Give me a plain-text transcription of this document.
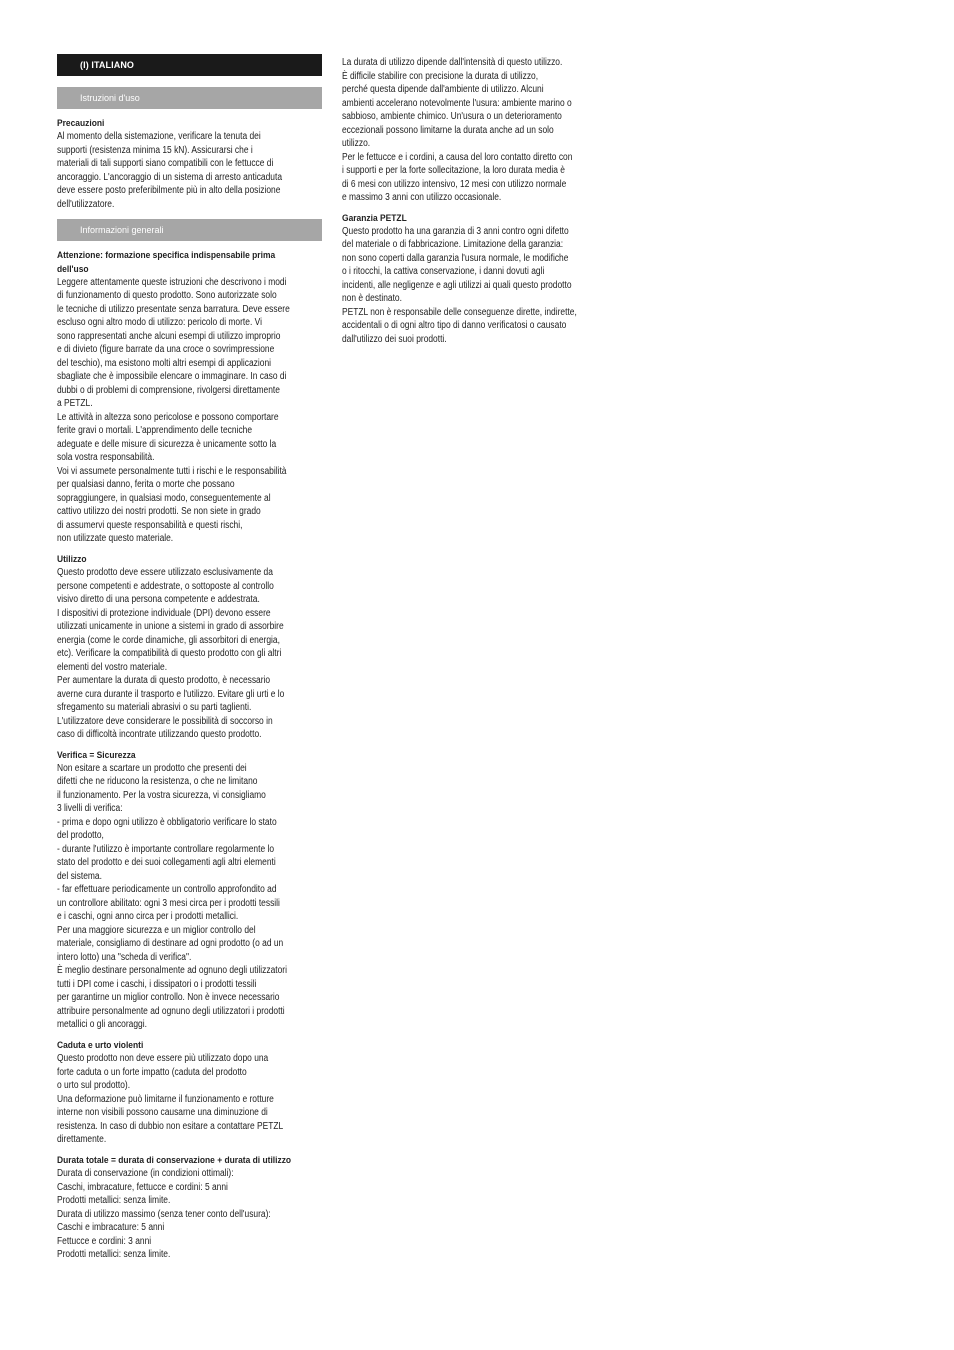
(I) ITALIANO
Istruzioni d'uso
Precauzioni
Al momento della sistemazione, verificare la tenuta dei
supporti (resistenza minima 15 kN). Assicurarsi che i
materiali di tali supporti siano compatibili con le fettucce di
ancoraggio. L'ancoraggio di un sistema di arresto anticaduta
deve essere posto preferibilmente più in alto della posizione
dell'utilizzatore.
Informazioni generali
Attenzione: formazione specifica indispensabile prima
dell'uso
Leggere attentamente queste istruzioni che descrivono i modi
di funzionamento di questo prodotto. Sono autorizzate solo
le tecniche di utilizzo presentate senza barratura. Deve essere
escluso ogni altro modo di utilizzo: pericolo di morte. Vi
sono rappresentati anche alcuni esempi di utilizzo improprio
e di divieto (figure barrate da una croce o sovrimpressione
del teschio), ma esistono molti altri esempi di applicazioni
sbagliate che è impossibile elencare o immaginare. In caso di
dubbi o di problemi di comprensione, rivolgersi direttamente
a PETZL.
Le attività in altezza sono pericolose e possono comportare
ferite gravi o mortali. L'apprendimento delle tecniche
adeguate e delle misure di sicurezza è unicamente sotto la
sola vostra responsabilità.
Voi vi assumete personalmente tutti i rischi e le responsabilità
per qualsiasi danno, ferita o morte che possano
sopraggiungere, in qualsiasi modo, conseguentemente al
cattivo utilizzo dei nostri prodotti. Se non siete in grado
di assumervi queste responsabilità e questi rischi,
non utilizzate questo materiale.
Utilizzo
Questo prodotto deve essere utilizzato esclusivamente da
persone competenti e addestrate, o sottoposte al controllo
visivo diretto di una persona competente e addestrata.
I dispositivi di protezione individuale (DPI) devono essere
utilizzati unicamente in unione a sistemi in grado di assorbire
energia (come le corde dinamiche, gli assorbitori di energia,
etc). Verificare la compatibilità di questo prodotto con gli altri
elementi del vostro materiale.
Per aumentare la durata di questo prodotto, è necessario
averne cura durante il trasporto e l'utilizzo. Evitare gli urti e lo
sfregamento su materiali abrasivi o su parti taglienti.
L'utilizzatore deve considerare le possibilità di soccorso in
caso di difficoltà incontrate utilizzando questo prodotto.
Verifica = Sicurezza
Non esitare a scartare un prodotto che presenti dei
difetti che ne riducono la resistenza, o che ne limitano
il funzionamento. Per la vostra sicurezza, vi consigliamo
3 livelli di verifica:
- prima e dopo ogni utilizzo è obbligatorio verificare lo stato
del prodotto,
- durante l'utilizzo è importante controllare regolarmente lo
stato del prodotto e dei suoi collegamenti agli altri elementi
del sistema.
- far effettuare periodicamente un controllo approfondito ad
un controllore abilitato: ogni 3 mesi circa per i prodotti tessili
e i caschi, ogni anno circa per i prodotti metallici.
Per una maggiore sicurezza e un miglior controllo del
materiale, consigliamo di destinare ad ogni prodotto (o ad un
intero lotto) una "scheda di verifica".
È meglio destinare personalmente ad ognuno degli utilizzatori
tutti i DPI come i caschi, i dissipatori o i prodotti tessili
per garantirne un miglior controllo. Non è invece necessario
attribuire personalmente ad ognuno degli utilizzatori i prodotti
metallici o gli ancoraggi.
Caduta e urto violenti
Questo prodotto non deve essere più utilizzato dopo una
forte caduta o un forte impatto (caduta del prodotto
o urto sul prodotto).
Una deformazione può limitarne il funzionamento e rotture
interne non visibili possono causarne una diminuzione di
resistenza. In caso di dubbio non esitare a contattare PETZL
direttamente.
Durata totale = durata di conservazione + durata di utilizzo
Durata di conservazione (in condizioni ottimali):
Caschi, imbracature, fettucce e cordini: 5 anni
Prodotti metallici: senza limite.
Durata di utilizzo massimo (senza tener conto dell'usura):
Caschi e imbracature: 5 anni
Fettucce e cordini: 3 anni
Prodotti metallici: senza limite.
La durata di utilizzo dipende dall'intensità di questo utilizzo.
È difficile stabilire con precisione la durata di utilizzo,
perché questa dipende dall'ambiente di utilizzo. Alcuni
ambienti accelerano notevolmente l'usura: ambiente marino o
sabbioso, ambiente chimico. Un'usura o un deterioramento
eccezionali possono limitarne la durata anche ad un solo
utilizzo.
Per le fettucce e i cordini, a causa del loro contatto diretto con
i supporti e per la forte sollecitazione, la loro durata media è
di 6 mesi con utilizzo intensivo, 12 mesi con utilizzo normale
e massimo 3 anni con utilizzo occasionale.
Garanzia PETZL
Questo prodotto ha una garanzia di 3 anni contro ogni difetto
del materiale o di fabbricazione. Limitazione della garanzia:
non sono coperti dalla garanzia l'usura normale, le modifiche
o i ritocchi, la cattiva conservazione, i danni dovuti agli
incidenti, alle negligenze e agli utilizzi ai quali questo prodotto
non è destinato.
PETZL non è responsabile delle conseguenze dirette, indirette,
accidentali o di ogni altro tipo di danno verificatosi o causato
dall'utilizzo dei suoi prodotti.
